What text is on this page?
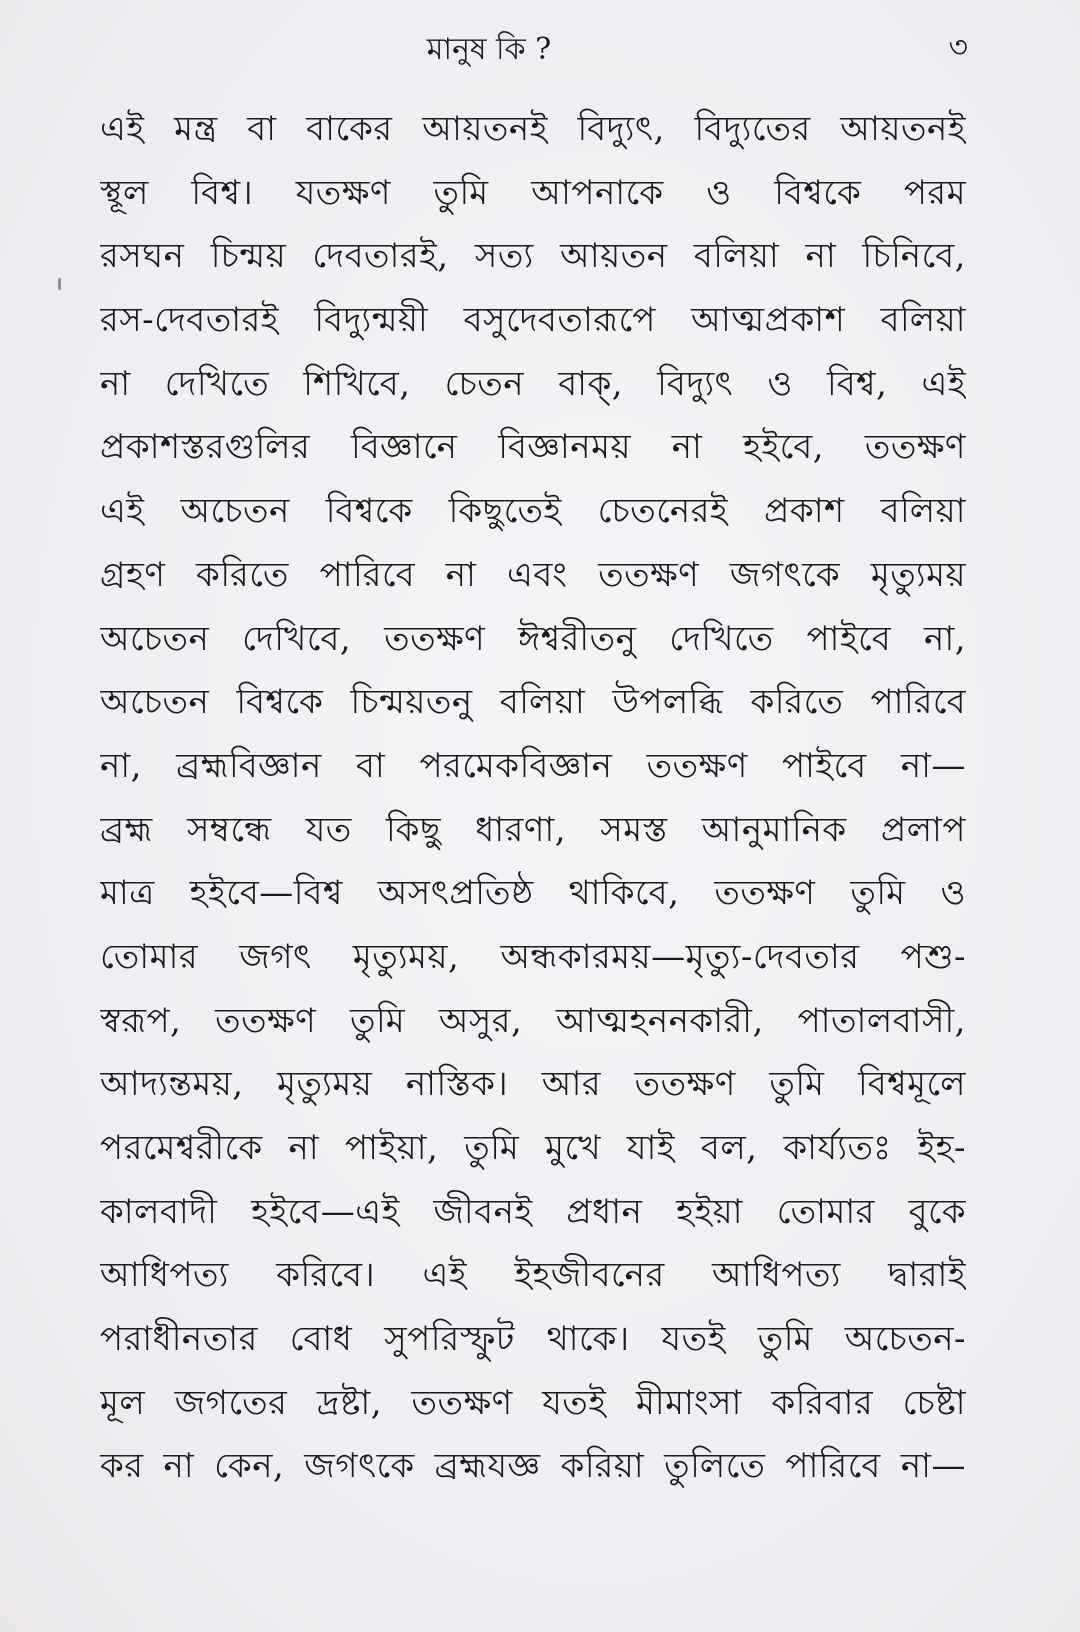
মানুষ কি ?	৩
এই মন্ত্র বা বাকের আয়তনই বিদ্যুৎ, বিদ্যুতের আয়তনই
স্থূল বিশ্ব। যতক্ষণ তুমি আপনাকে ও বিশ্বকে পরম
রসঘন চিন্ময় দেবতারই, সত্য আয়তন বলিয়া না চিনিবে,
রস-দেবতারই বিদ্যুন্ময়ী বসুদেবতারূপে আত্মপ্রকাশ বলিয়া
না দেখিতে শিখিবে, চেতন বাক্, বিদ্যুৎ ও বিশ্ব, এই
প্রকাশস্তরগুলির বিজ্ঞানে বিজ্ঞানময় না হইবে, ততক্ষণ
এই অচেতন বিশ্বকে কিছুতেই চেতনেরই প্রকাশ বলিয়া
গ্রহণ করিতে পারিবে না এবং ততক্ষণ জগৎকে মৃত্যুময়
অচেতন দেখিবে, ততক্ষণ ঈশ্বরীতনু দেখিতে পাইবে না,
অচেতন বিশ্বকে চিন্ময়তনু বলিয়া উপলব্ধি করিতে পারিবে
না, ব্রহ্মবিজ্ঞান বা পরমেকবিজ্ঞান ততক্ষণ পাইবে না—
ব্রহ্ম সম্বন্ধে যত কিছু ধারণা, সমস্ত আনুমানিক প্রলাপ
মাত্র হইবে—বিশ্ব অসৎপ্রতিষ্ঠ থাকিবে, ততক্ষণ তুমি ও
তোমার জগৎ মৃত্যুময়, অন্ধকারময়—মৃত্যু-দেবতার পশু-
স্বরূপ, ততক্ষণ তুমি অসুর, আত্মহননকারী, পাতালবাসী,
আদ্যন্তময়, মৃত্যুময় নাস্তিক। আর ততক্ষণ তুমি বিশ্বমূলে
পরমেশ্বরীকে না পাইয়া, তুমি মুখে যাই বল, কার্য্যতঃ ইহ-
কালবাদী হইবে—এই জীবনই প্রধান হইয়া তোমার বুকে
আধিপত্য করিবে। এই ইহজীবনের আধিপত্য দ্বারাই
পরাধীনতার বোধ সুপরিস্ফুট থাকে। যতই তুমি অচেতন-
মূল জগতের দ্রষ্টা, ততক্ষণ যতই মীমাংসা করিবার চেষ্টা
কর না কেন, জগৎকে ব্রহ্মযজ্ঞ করিয়া তুলিতে পারিবে না—
